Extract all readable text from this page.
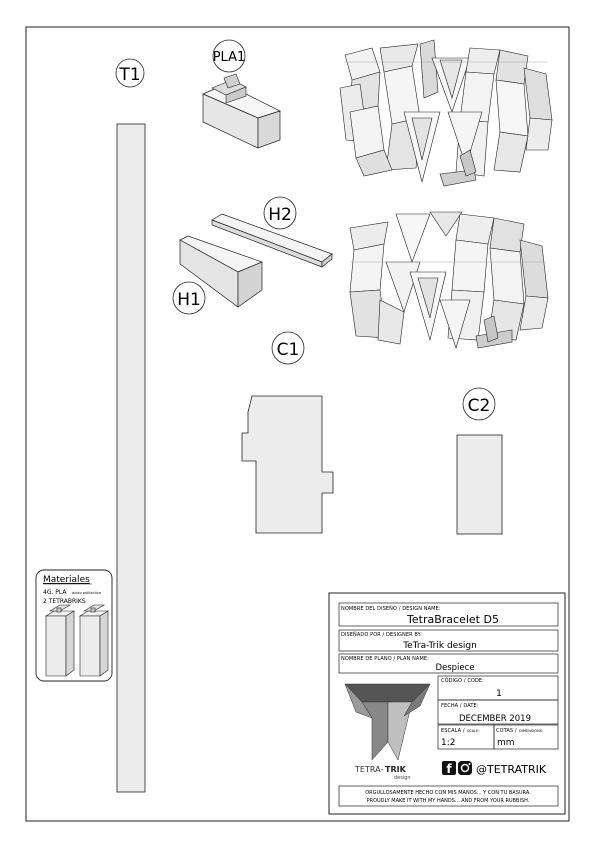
T1
PLA1
H2
H1
C1
C2
Materiales
4G. PLA ácido poliláctico
2 TETRABRIKS
NOMBRE DEL DISEÑO / DESIGN NAME:
TetraBracelet D5
DISEÑADO POR / DESIGNER BY:
TeTra-Trik design
NOMBRE DE PLANO / PLAN NAME:
Despiece
CÓDIGO / CODE:
1
FECHA / DATE:
DECEMBER 2019
ESCALA / SCALE:
1:2
COTAS / DIMENSIONS:
mm
TETRA- TRIK
design
f @TETRATRIK
ORGULLOSAMENTE HECHO CON MIS MANOS... Y CON TU BASURA.
PROUDLY MAKE IT WITH MY HANDS... AND FROM YOUR RUBBISH.
